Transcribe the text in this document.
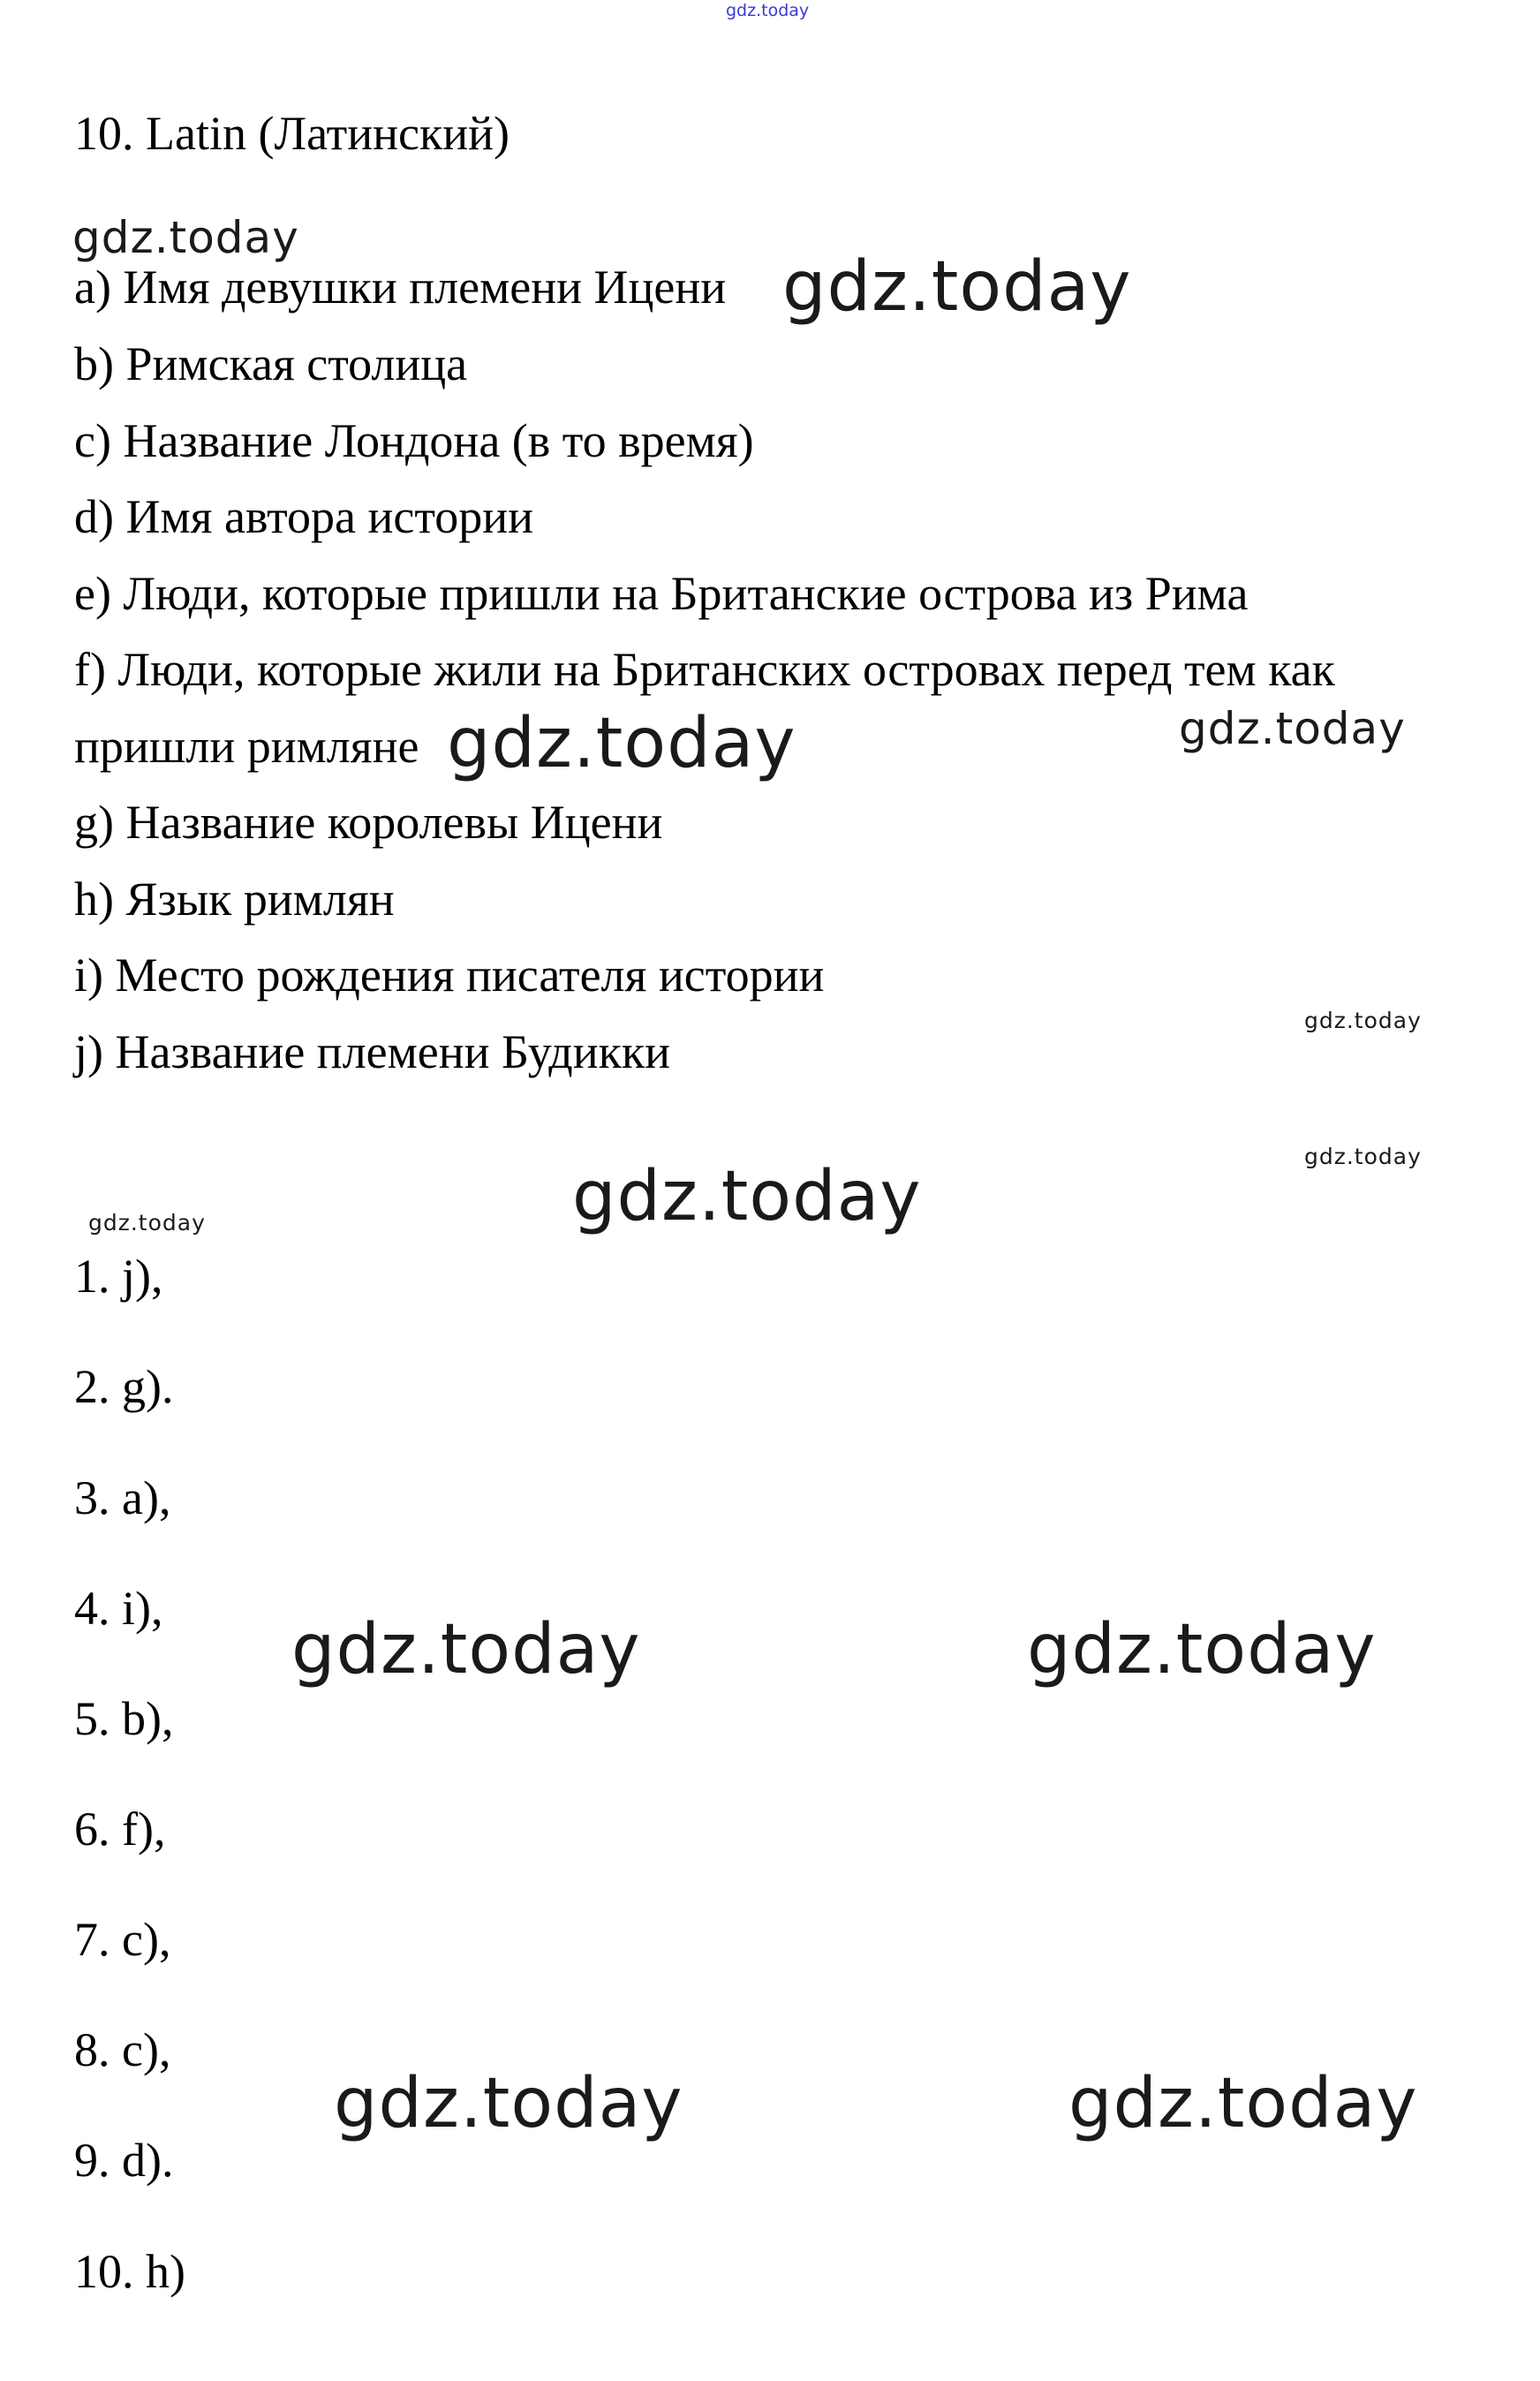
gdz.today
10. Latin (Латинский)
a) Имя девушки племени Ицени
b) Римская столица
c) Название Лондона (в то время)
d) Имя автора истории
e) Люди, которые пришли на Британские острова из Рима
f) Люди, которые жили на Британских островах перед тем как
пришли римляне
g) Название королевы Ицени
h) Язык римлян
i) Место рождения писателя истории
j) Название племени Будикки
1. j),
2. g).
3. a),
4. i),
5. b),
6. f),
7. c),
8. c),
9. d).
10. h)
gdz.today
gdz.today
gdz.today	gdz.today
gdz.today
gdz.today
gdz.today
gdz.today
gdz.today	gdz.today
gdz.today	gdz.today
